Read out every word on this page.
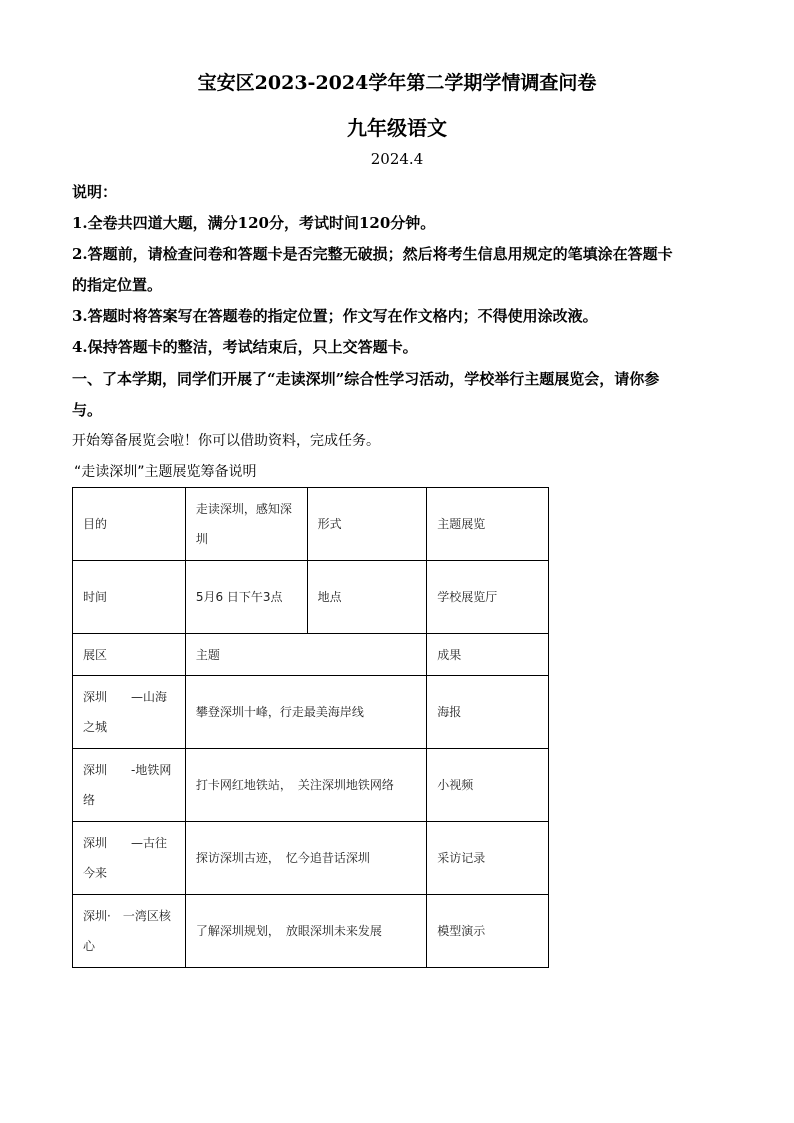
宝安区2023-2024学年第二学期学情调查问卷
九年级语文
2024.4
说明：
1.全卷共四道大题，满分120分，考试时间120分钟。
2.答题前，请检查问卷和答题卡是否完整无破损；然后将考生信息用规定的笔填涂在答题卡
的指定位置。
3.答题时将答案写在答题卷的指定位置；作文写在作文格内；不得使用涂改液。
4.保持答题卡的整洁，考试结束后，只上交答题卡。
一、了本学期，同学们开展了“走读深圳”综合性学习活动，学校举行主题展览会，请你参
与。
开始筹备展览会啦！你可以借助资料，完成任务。
“走读深圳”主题展览筹备说明
目的	走读深圳，感知深圳	形式	主题展览
时间	5月6 日下午3点	地点	学校展览厅
展区	主题		成果
深圳　　—山海之城	攀登深圳十峰，行走最美海岸线		海报
深圳　　-地铁网络	打卡网红地铁站，　关注深圳地铁网络		小视频
深圳　　—古往今来	探访深圳古迹，　忆今追昔话深圳		采访记录
深圳·　一湾区核心	了解深圳规划，　放眼深圳未来发展		模型演示
